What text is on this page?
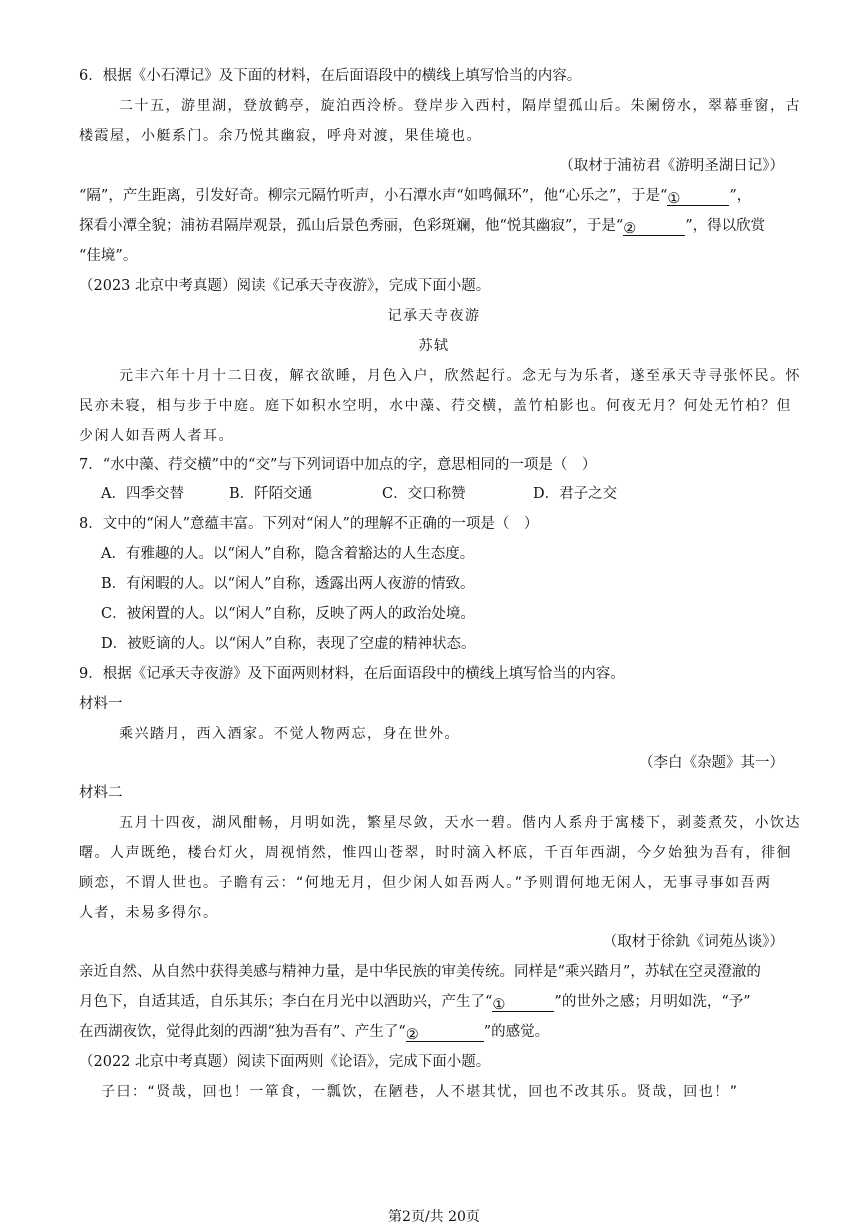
6．根据《小石潭记》及下面的材料，在后面语段中的横线上填写恰当的内容。
二十五，游里湖，登放鹤亭，旋泊西泠桥。登岸步入西村，隔岸望孤山后。朱阑傍水，翠幕垂窗，古
楼霞屋，小艇系门。余乃悦其幽寂，呼舟对渡，果佳境也。
（取材于浦祊君《游明圣湖日记》）
“隔”，产生距离，引发好奇。柳宗元隔竹听声，小石潭水声“如鸣佩环”，他“心乐之”，于是“①	”，
探看小潭全貌；浦祊君隔岸观景，孤山后景色秀丽，色彩斑斓，他“悦其幽寂”，于是“②	”，得以欣赏
“佳境”。
（2023 北京中考真题）阅读《记承天寺夜游》，完成下面小题。
记承天寺夜游
苏轼
元丰六年十月十二日夜，解衣欲睡，月色入户，欣然起行。念无与为乐者，遂至承天寺寻张怀民。怀
民亦未寝，相与步于中庭。庭下如积水空明，水中藻、荇交横，盖竹柏影也。何夜无月？何处无竹柏？但
少闲人如吾两人者耳。
7．“水中藻、荇交横”中的“交”与下列词语中加点的字，意思相同的一项是（　）
A．四季交替	B．阡陌交通	C．交口称赞	D．君子之交
8．文中的“闲人”意蕴丰富。下列对“闲人”的理解不正确的一项是（　）
A．有雅趣的人。以“闲人”自称，隐含着豁达的人生态度。
B．有闲暇的人。以“闲人”自称，透露出两人夜游的情致。
C．被闲置的人。以“闲人”自称，反映了两人的政治处境。
D．被贬谪的人。以“闲人”自称，表现了空虚的精神状态。
9．根据《记承天寺夜游》及下面两则材料，在后面语段中的横线上填写恰当的内容。
材料一
乘兴踏月，西入酒家。不觉人物两忘，身在世外。
（李白《杂题》其一）
材料二
五月十四夜，湖风酣畅，月明如洗，繁星尽敛，天水一碧。偕内人系舟于寓楼下，剥菱煮芡，小饮达
曙。人声既绝，楼台灯火，周视悄然，惟四山苍翠，时时滴入杯底，千百年西湖，今夕始独为吾有，徘徊
顾恋，不谓人世也。子瞻有云：“何地无月，但少闲人如吾两人。”予则谓何地无闲人，无事寻事如吾两
人者，未易多得尔。
（取材于徐釚《词苑丛谈》）
亲近自然、从自然中获得美感与精神力量，是中华民族的审美传统。同样是“乘兴踏月”，苏轼在空灵澄澈的
月色下，自适其适，自乐其乐；李白在月光中以酒助兴，产生了“①	”的世外之感；月明如洗，“予”
在西湖夜饮，觉得此刻的西湖“独为吾有”、产生了“②	”的感觉。
（2022 北京中考真题）阅读下面两则《论语》，完成下面小题。
子曰：“贤哉，回也！一箪食，一瓢饮，在陋巷，人不堪其忧，回也不改其乐。贤哉，回也！”
第2页/共 20页
